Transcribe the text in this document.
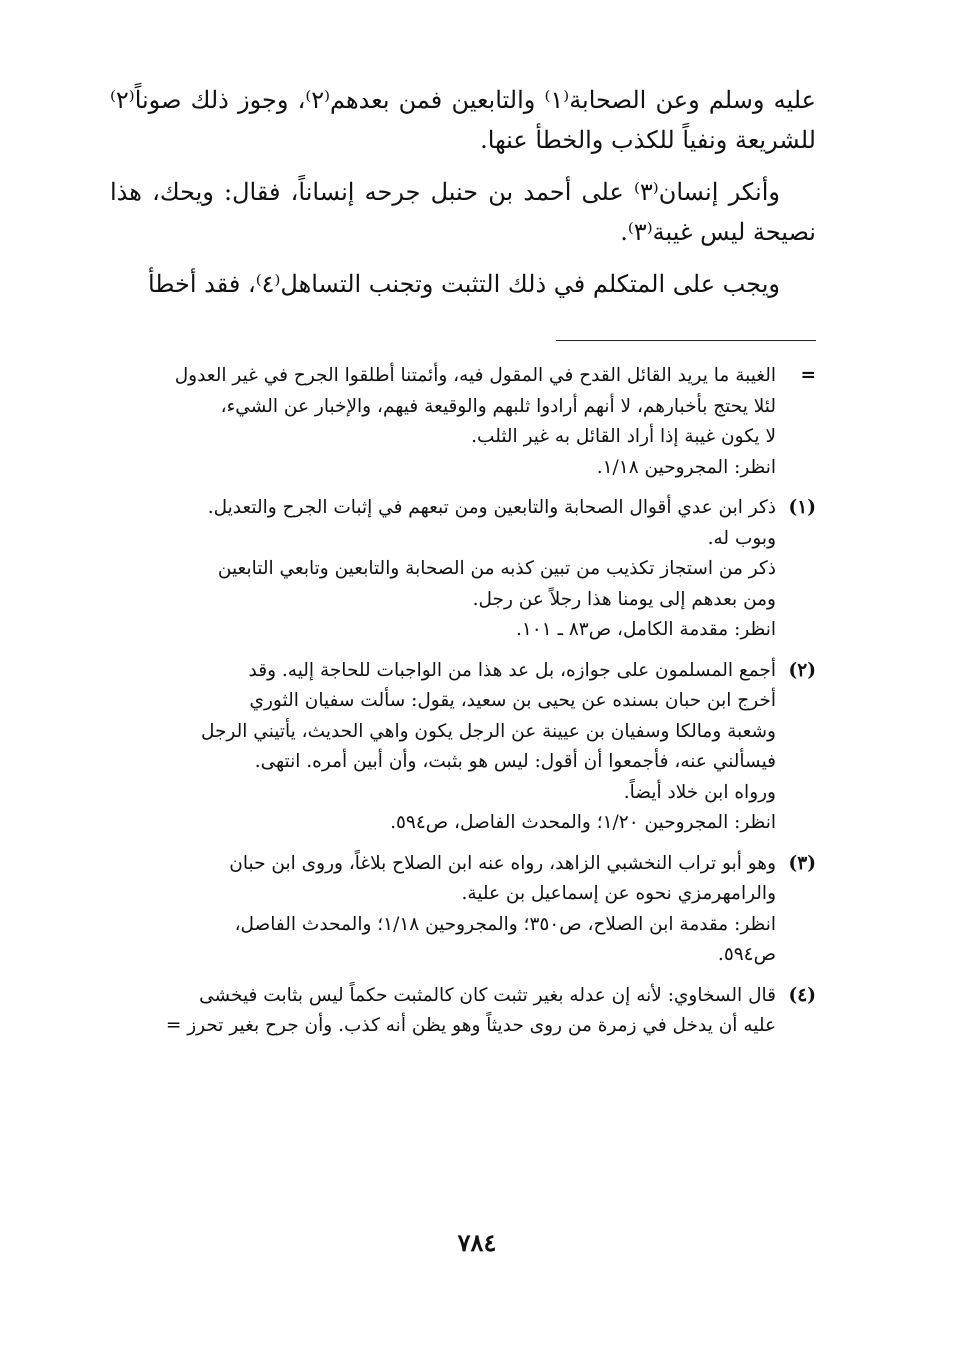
عليه وسلم وعن الصحابة⁽١⁾ والتابعين فمن بعدهم⁽٢⁾، وجوز ذلك صوناً⁽٢⁾ للشريعة ونفياً للكذب والخطأ عنها.

وأنكر إنسان⁽٣⁾ على أحمد بن حنبل جرحه إنساناً، فقال: ويحك، هذا نصيحة ليس غيبة⁽٣⁾.

ويجب على المتكلم في ذلك التثبت وتجنب التساهل⁽٤⁾، فقد أخطأ

=
الغيبة ما يريد القائل القدح في المقول فيه، وأئمتنا أطلقوا الجرح في غير العدول
لئلا يحتج بأخبارهم، لا أنهم أرادوا ثلبهم والوقيعة فيهم، والإخبار عن الشيء،
لا يكون غيبة إذا أراد القائل به غير الثلب.
انظر: المجروحين ١/١٨.
(١)
ذكر ابن عدي أقوال الصحابة والتابعين ومن تبعهم في إثبات الجرح والتعديل.
وبوب له.
ذكر من استجاز تكذيب من تبين كذبه من الصحابة والتابعين وتابعي التابعين
ومن بعدهم إلى يومنا هذا رجلاً عن رجل.
انظر: مقدمة الكامل، ص٨٣ ـ ١٠١.
(٢)
أجمع المسلمون على جوازه، بل عد هذا من الواجبات للحاجة إليه. وقد
أخرج ابن حبان بسنده عن يحيى بن سعيد، يقول: سألت سفيان الثوري
وشعبة ومالكا وسفيان بن عيينة عن الرجل يكون واهي الحديث، يأتيني الرجل
فيسألني عنه، فأجمعوا أن أقول: ليس هو بثبت، وأن أبين أمره. انتهى.
ورواه ابن خلاد أيضاً.
انظر: المجروحين ١/٢٠؛ والمحدث الفاصل، ص٥٩٤.
(٣)
وهو أبو تراب النخشبي الزاهد، رواه عنه ابن الصلاح بلاغاً، وروى ابن حبان
والرامهرمزي نحوه عن إسماعيل بن علية.
انظر: مقدمة ابن الصلاح، ص٣٥٠؛ والمجروحين ١/١٨؛ والمحدث الفاصل،
ص٥٩٤.
(٤)
قال السخاوي: لأنه إن عدله بغير تثبت كان كالمثبت حكماً ليس بثابت فيخشى
عليه أن يدخل في زمرة من روى حديثاً وهو يظن أنه كذب. وأن جرح بغير تحرز =
٧٨٤
